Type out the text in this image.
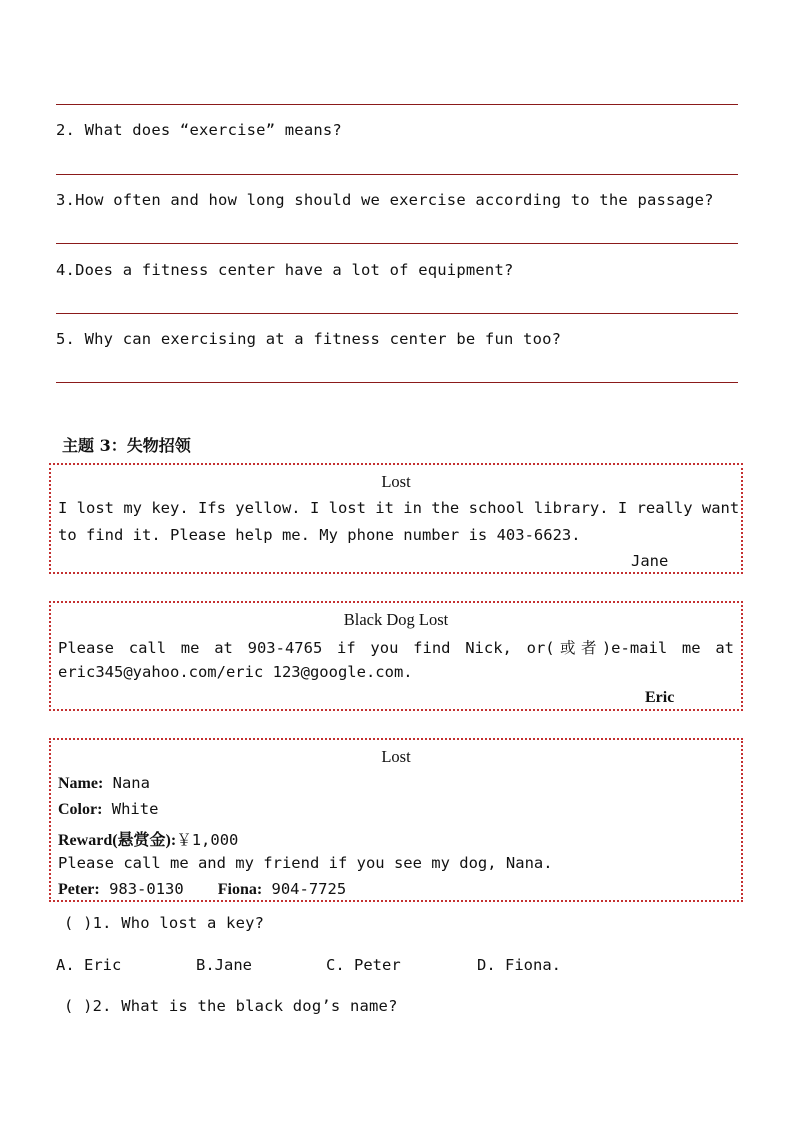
2. What does “exercise” means?
3.How often and how long should we exercise according to the passage?
4.Does a fitness center have a lot of equipment?
5. Why can exercising at a fitness center be fun too?
主题 3：失物招领
Lost
I lost my key. Ifs yellow. I lost it in the school library. I really want
to find it. Please help me. My phone number is 403-6623.
Jane
Black Dog Lost
Please call me at 903-4765 if you find Nick, or(或者)e-mail me at
eric345@yahoo.com/eric 123@google.com.
Eric
Lost
Name: Nana
Color: White
Reward(悬赏金):￥1,000
Please call me and my friend if you see my dog, Nana.
Peter: 983-0130 Fiona: 904-7725
( )1. Who lost a key?
A. Eric	B.Jane	C. Peter	D. Fiona.
( )2. What is the black dog’s name?
